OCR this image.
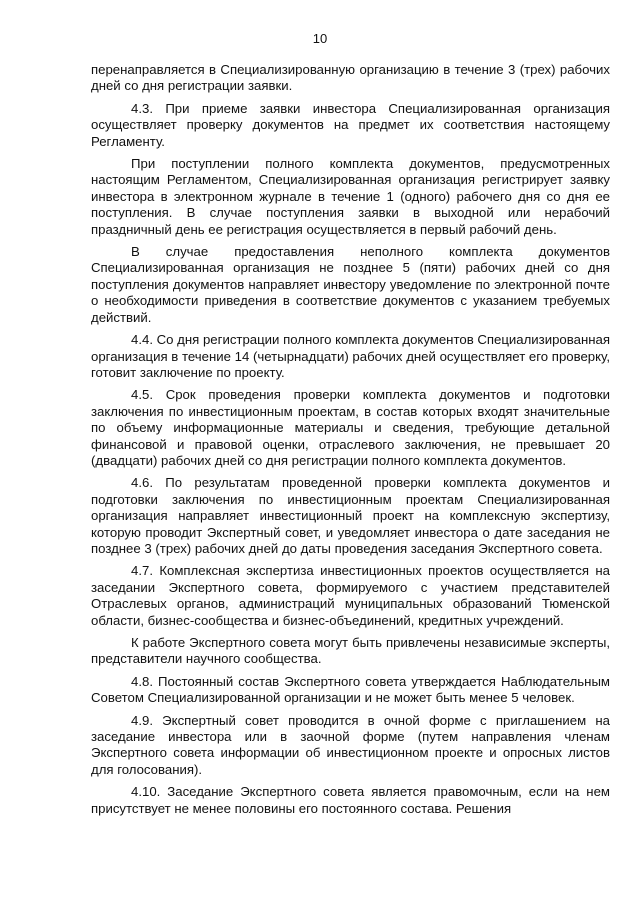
10

перенаправляется в Специализированную организацию в течение 3 (трех) рабочих дней со дня регистрации заявки.

4.3. При приеме заявки инвестора Специализированная организация осуществляет проверку документов на предмет их соответствия настоящему Регламенту.

При поступлении полного комплекта документов, предусмотренных настоящим Регламентом, Специализированная организация регистрирует заявку инвестора в электронном журнале в течение 1 (одного) рабочего дня со дня ее поступления. В случае поступления заявки в выходной или нерабочий праздничный день ее регистрация осуществляется в первый рабочий день.

В случае предоставления неполного комплекта документов Специализированная организация не позднее 5 (пяти) рабочих дней со дня поступления документов направляет инвестору уведомление по электронной почте о необходимости приведения в соответствие документов с указанием требуемых действий.

4.4. Со дня регистрации полного комплекта документов Специализированная организация в течение 14 (четырнадцати) рабочих дней осуществляет его проверку, готовит заключение по проекту.

4.5. Срок проведения проверки комплекта документов и подготовки заключения по инвестиционным проектам, в состав которых входят значительные по объему информационные материалы и сведения, требующие детальной финансовой и правовой оценки, отраслевого заключения, не превышает 20 (двадцати) рабочих дней со дня регистрации полного комплекта документов.

4.6. По результатам проведенной проверки комплекта документов и подготовки заключения по инвестиционным проектам Специализированная организация направляет инвестиционный проект на комплексную экспертизу, которую проводит Экспертный совет, и уведомляет инвестора о дате заседания не позднее 3 (трех) рабочих дней до даты проведения заседания Экспертного совета.

4.7. Комплексная экспертиза инвестиционных проектов осуществляется на заседании Экспертного совета, формируемого с участием представителей Отраслевых органов, администраций муниципальных образований Тюменской области, бизнес-сообщества и бизнес-объединений, кредитных учреждений.

К работе Экспертного совета могут быть привлечены независимые эксперты, представители научного сообщества.

4.8. Постоянный состав Экспертного совета утверждается Наблюдательным Советом Специализированной организации и не может быть менее 5 человек.

4.9. Экспертный совет проводится в очной форме с приглашением на заседание инвестора или в заочной форме (путем направления членам Экспертного совета информации об инвестиционном проекте и опросных листов для голосования).

4.10. Заседание Экспертного совета является правомочным, если на нем присутствует не менее половины его постоянного состава. Решения
